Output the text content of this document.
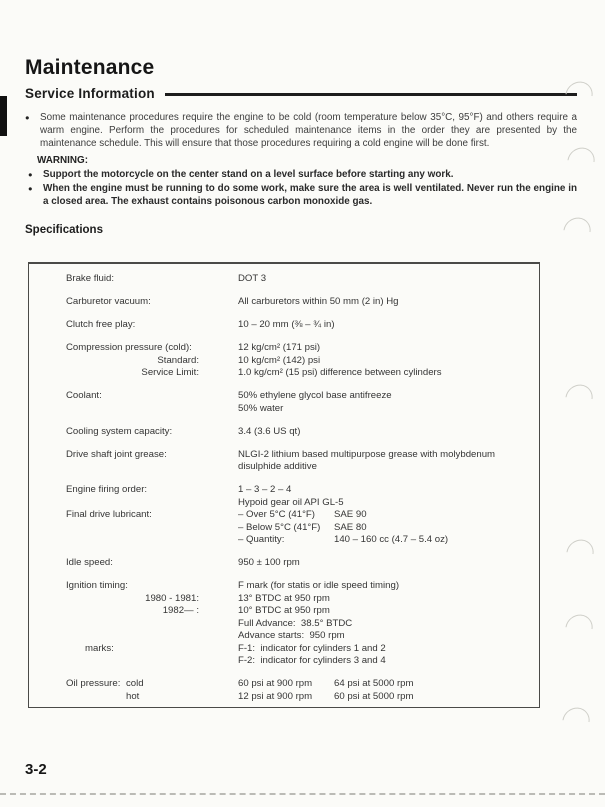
Maintenance
Service Information
●	Some maintenance procedures require the engine to be cold (room temperature below 35°C, 95°F) and others require a warm engine. Perform the procedures for scheduled maintenance items in the order they are presented by the maintenance schedule. This will ensure that those procedures requiring a cold engine will be done first.

WARNING:
●	Support the motorcycle on the center stand on a level surface before starting any work.

●	When the engine must be running to do some work, make sure the area is well ventilated. Never run the engine in a closed area. The exhaust contains poisonous carbon monoxide gas.

Specifications
Brake fluid:	DOT 3
Carburetor vacuum:	All carburetors within 50 mm (2 in) Hg
Clutch free play:	10 – 20 mm (⅜ – ¾ in)
Compression pressure (cold):	12 kg/cm² (171 psi)
Standard:	10 kg/cm² (142) psi
Service Limit:	1.0 kg/cm² (15 psi) difference between cylinders
Coolant:	50% ethylene glycol base antifreeze
50% water
Cooling system capacity:	3.4 (3.6 US qt)
Drive shaft joint grease:	NLGI-2 lithium based multipurpose grease with molybdenum
disulphide additive
Engine firing order:	1 – 3 – 2 – 4
Hypoid gear oil API GL-5
Final drive lubricant:	– Over 5°C (41°F) SAE 90
– Below 5°C (41°F) SAE 80
– Quantity:	140 – 160 cc (4.7 – 5.4 oz)
Idle speed:	950 ± 100 rpm
Ignition timing:	F mark (for statis or idle speed timing)
1980 - 1981:	13° BTDC at 950 rpm
1982— :	10° BTDC at 950 rpm
Full Advance:  38.5° BTDC
Advance starts:  950 rpm
marks:	F-1:  indicator for cylinders 1 and 2
F-2:  indicator for cylinders 3 and 4
Oil pressure: cold	60 psi at 900 rpm 64 psi at 5000 rpm
hot	12 psi at 900 rpm 60 psi at 5000 rpm
3-2
